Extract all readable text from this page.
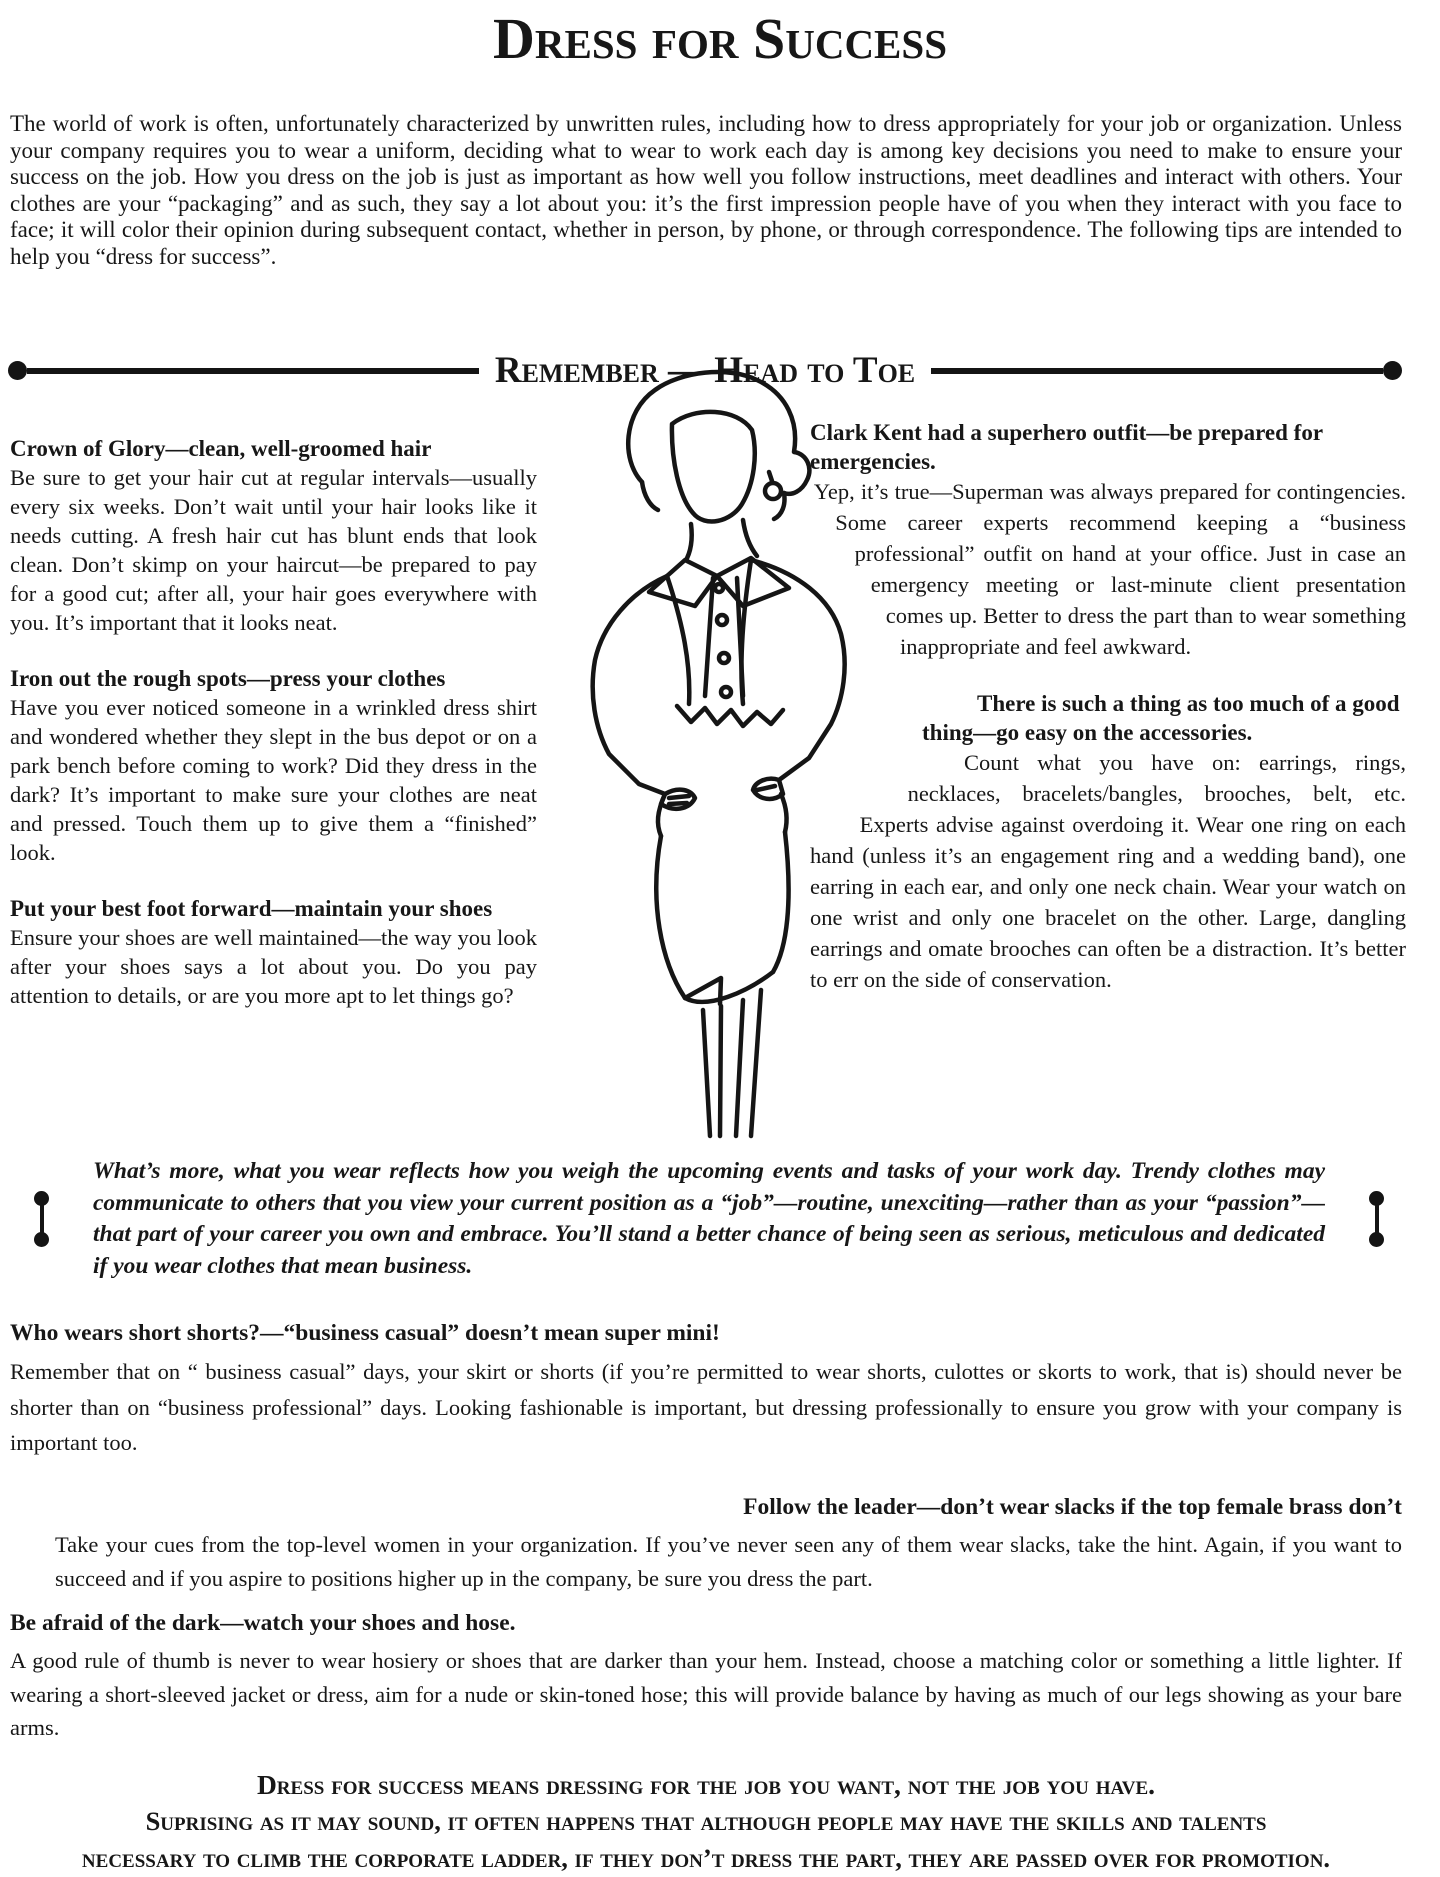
Dress for Success

The world of work is often, unfortunately characterized by unwritten rules, including how to dress appropriately for your job or organization. Unless your company requires you to wear a uniform, deciding what to wear to work each day is among key decisions you need to make to ensure your success on the job. How you dress on the job is just as important as how well you follow instructions, meet deadlines and interact with others. Your clothes are your “packaging” and as such, they say a lot about you: it’s the first impression people have of you when they interact with you face to face; it will color their opinion during subsequent contact, whether in person, by phone, or through correspondence. The following tips are intended to help you “dress for success”.

Remember — Head to Toe
Crown of Glory—clean, well-groomed hair

Be sure to get your hair cut at regular intervals—usually every six weeks. Don’t wait until your hair looks like it needs cutting. A fresh hair cut has blunt ends that look clean. Don’t skimp on your haircut—be prepared to pay for a good cut; after all, your hair goes everywhere with you. It’s important that it looks neat.

Iron out the rough spots—press your clothes

Have you ever noticed someone in a wrinkled dress shirt and wondered whether they slept in the bus depot or on a park bench before coming to work? Did they dress in the dark? It’s important to make sure your clothes are neat and pressed. Touch them up to give them a “finished” look.

Put your best foot forward—maintain your shoes

Ensure your shoes are well maintained—the way you look after your shoes says a lot about you. Do you pay attention to details, or are you more apt to let things go?

Clark Kent had a superhero outfit—be prepared for emergencies.

Yep, it’s true—Superman was always prepared for contingencies. Some career experts recommend keeping a “business professional” outfit on hand at your office. Just in case an emergency meeting or last-minute client presentation comes up. Better to dress the part than to wear something inappropriate and feel awkward.

There is such a thing as too much of a good thing—go easy on the accessories.

Count what you have on: earrings, rings, necklaces, bracelets/bangles, brooches, belt, etc. Experts advise against overdoing it. Wear one ring on each hand (unless it’s an engagement ring and a wedding band), one earring in each ear, and only one neck chain. Wear your watch on one wrist and only one bracelet on the other. Large, dangling earrings and omate brooches can often be a distraction. It’s better to err on the side of conservation.

What’s more, what you wear reflects how you weigh the upcoming events and tasks of your work day. Trendy clothes may communicate to others that you view your current position as a “job”—routine, unexciting—rather than as your “passion”—that part of your career you own and embrace. You’ll stand a better chance of being seen as serious, meticulous and dedicated if you wear clothes that mean business.

Who wears short shorts?—“business casual” doesn’t mean super mini!

Remember that on “ business casual” days, your skirt or shorts (if you’re permitted to wear shorts, culottes or skorts to work, that is) should never be shorter than on “business professional” days. Looking fashionable is important, but dressing professionally to ensure you grow with your company is important too.

Follow the leader—don’t wear slacks if the top female brass don’t

Take your cues from the top-level women in your organization. If you’ve never seen any of them wear slacks, take the hint. Again, if you want to succeed and if you aspire to positions higher up in the company, be sure you dress the part.

Be afraid of the dark—watch your shoes and hose.

A good rule of thumb is never to wear hosiery or shoes that are darker than your hem. Instead, choose a matching color or something a little lighter. If wearing a short-sleeved jacket or dress, aim for a nude or skin-toned hose; this will provide balance by having as much of our legs showing as your bare arms.

Dress for success means dressing for the job you want, not the job you have.
Suprising as it may sound, it often happens that although people may have the skills and talents
necessary to climb the corporate ladder, if they don’t dress the part, they are passed over for promotion.
